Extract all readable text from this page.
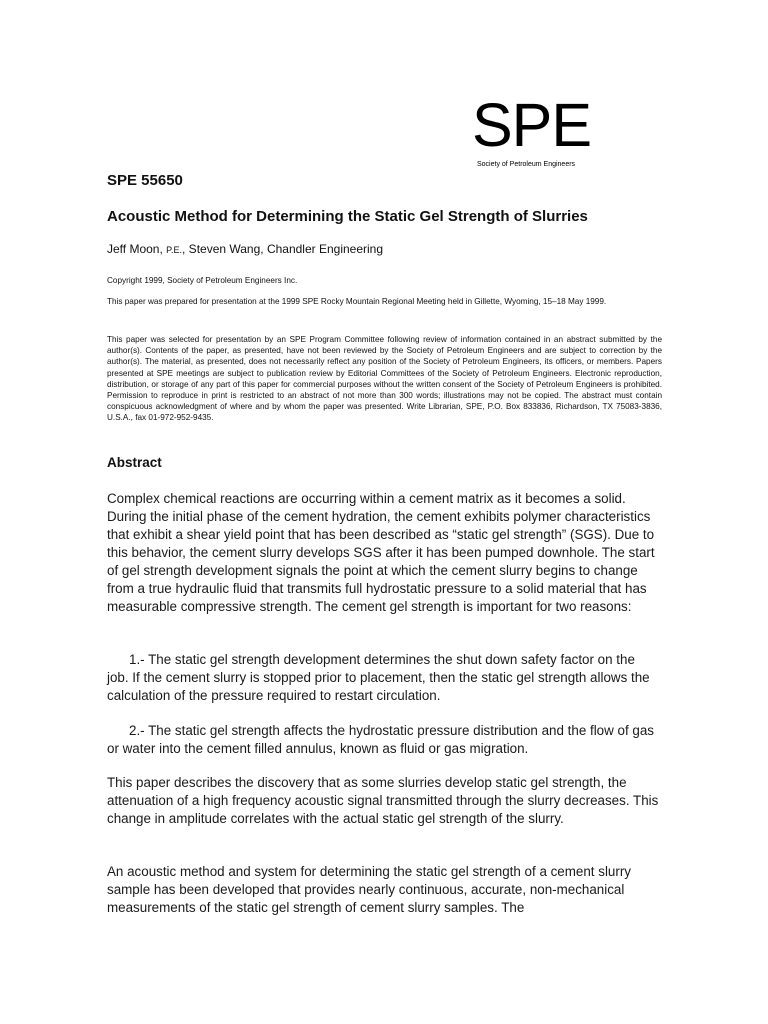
SPE
Society of Petroleum Engineers
SPE 55650
Acoustic Method for Determining the Static Gel Strength of Slurries

Jeff Moon, P.E., Steven Wang, Chandler Engineering

Copyright 1999, Society of Petroleum Engineers Inc.

This paper was prepared for presentation at the 1999 SPE Rocky Mountain Regional Meeting held in Gillette, Wyoming, 15–18 May 1999.

This paper was selected for presentation by an SPE Program Committee following review of information contained in an abstract submitted by the author(s). Contents of the paper, as presented, have not been reviewed by the Society of Petroleum Engineers and are subject to correction by the author(s). The material, as presented, does not necessarily reflect any position of the Society of Petroleum Engineers, its officers, or members. Papers presented at SPE meetings are subject to publication review by Editorial Committees of the Society of Petroleum Engineers. Electronic reproduction, distribution, or storage of any part of this paper for commercial purposes without the written consent of the Society of Petroleum Engineers is prohibited. Permission to reproduce in print is restricted to an abstract of not more than 300 words; illustrations may not be copied. The abstract must contain conspicuous acknowledgment of where and by whom the paper was presented. Write Librarian, SPE, P.O. Box 833836, Richardson, TX 75083-3836, U.S.A., fax 01-972-952-9435.

Abstract

Complex chemical reactions are occurring within a cement matrix as it becomes a solid. During the initial phase of the cement hydration, the cement exhibits polymer characteristics that exhibit a shear yield point that has been described as “static gel strength” (SGS). Due to this behavior, the cement slurry develops SGS after it has been pumped downhole. The start of gel strength development signals the point at which the cement slurry begins to change from a true hydraulic fluid that transmits full hydrostatic pressure to a solid material that has measurable compressive strength. The cement gel strength is important for two reasons:

1.- The static gel strength development determines the shut down safety factor on the job. If the cement slurry is stopped prior to placement, then the static gel strength allows the calculation of the pressure required to restart circulation.

2.- The static gel strength affects the hydrostatic pressure distribution and the flow of gas or water into the cement filled annulus, known as fluid or gas migration.

This paper describes the discovery that as some slurries develop static gel strength, the attenuation of a high frequency acoustic signal transmitted through the slurry decreases. This change in amplitude correlates with the actual static gel strength of the slurry.

An acoustic method and system for determining the static gel strength of a cement slurry sample has been developed that provides nearly continuous, accurate, non-mechanical measurements of the static gel strength of cement slurry samples. The
